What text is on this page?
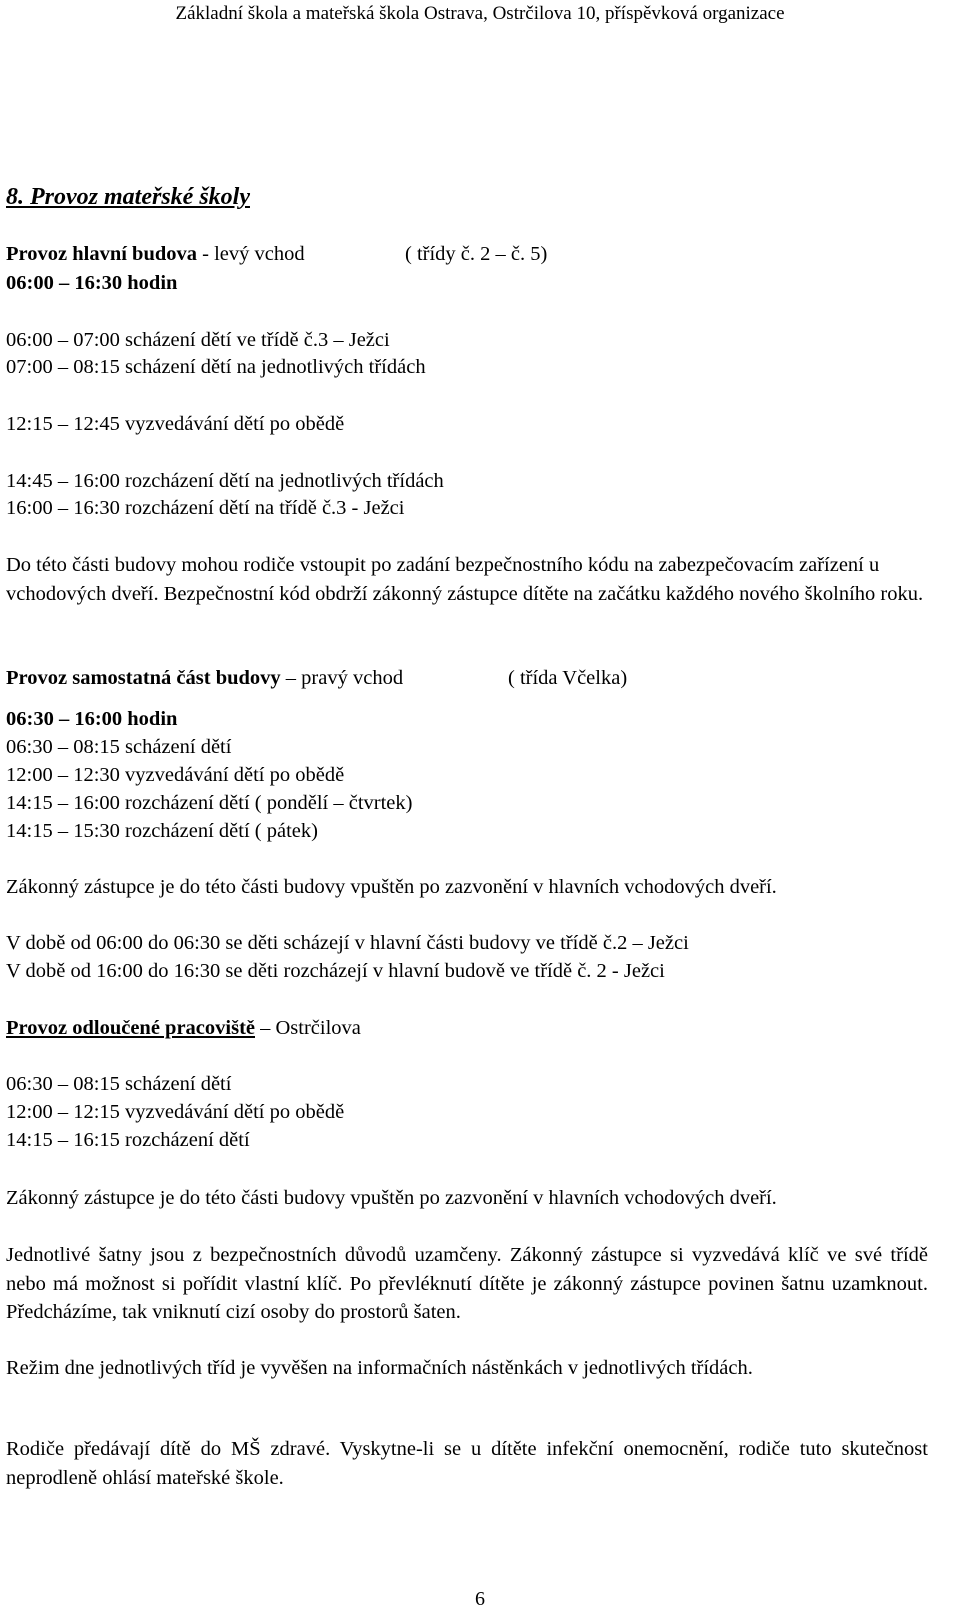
Základní škola a mateřská škola Ostrava, Ostrčilova 10, příspěvková organizace
8. Provoz mateřské školy
Provoz hlavní budova - levý vchod	( třídy č. 2 – č. 5)
06:00 – 16:30 hodin
06:00 – 07:00 scházení dětí ve třídě č.3 – Ježci
07:00 – 08:15 scházení dětí na jednotlivých třídách
12:15 – 12:45 vyzvedávání dětí po obědě
14:45 – 16:00 rozcházení dětí na jednotlivých třídách
16:00 – 16:30 rozcházení dětí na třídě č.3 - Ježci
Do této části budovy mohou rodiče vstoupit po zadání bezpečnostního kódu na zabezpečovacím zařízení u vchodových dveří. Bezpečnostní kód obdrží zákonný zástupce dítěte na začátku každého nového školního roku.
Provoz samostatná část budovy – pravý vchod	( třída Včelka)
06:30 – 16:00 hodin
06:30 – 08:15 scházení dětí
12:00 – 12:30 vyzvedávání dětí po obědě
14:15 – 16:00 rozcházení dětí ( pondělí – čtvrtek)
14:15 – 15:30 rozcházení dětí ( pátek)
Zákonný zástupce je do této části budovy vpuštěn po zazvonění v hlavních vchodových dveří.
V době od 06:00 do 06:30 se děti scházejí v hlavní části budovy ve třídě č.2 – Ježci
V době od 16:00 do 16:30 se děti rozcházejí v hlavní budově ve třídě č. 2 - Ježci
Provoz odloučené pracoviště – Ostrčilova
06:30 – 08:15 scházení dětí
12:00 – 12:15 vyzvedávání dětí po obědě
14:15 – 16:15 rozcházení dětí
Zákonný zástupce je do této části budovy vpuštěn po zazvonění v hlavních vchodových dveří.
Jednotlivé šatny jsou z bezpečnostních důvodů uzamčeny. Zákonný zástupce si vyzvedává klíč ve své třídě nebo má možnost si pořídit vlastní klíč. Po převléknutí dítěte je zákonný zástupce povinen šatnu uzamknout. Předcházíme, tak vniknutí cizí osoby do prostorů šaten.
Režim dne jednotlivých tříd je vyvěšen na informačních nástěnkách v jednotlivých třídách.
Rodiče předávají dítě do MŠ zdravé. Vyskytne-li se u dítěte infekční onemocnění, rodiče tuto skutečnost neprodleně ohlásí mateřské škole.
6
